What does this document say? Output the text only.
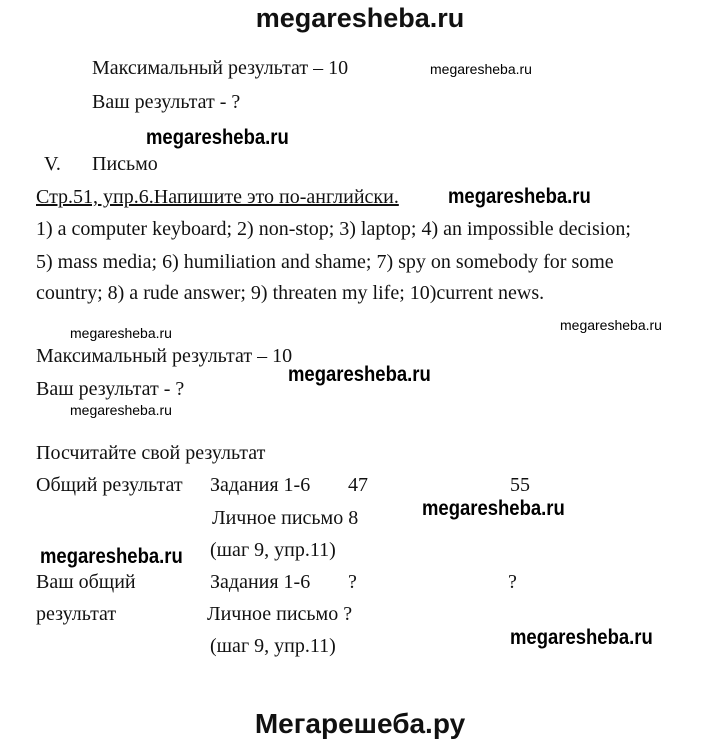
megaresheba.ru
Максимальный результат – 10	megaresheba.ru
Ваш результат - ?
megaresheba.ru
V. Письмо
Стр.51, упр.6.Напишите это по-английски. megaresheba.ru
1) a computer keyboard; 2) non-stop; 3) laptop; 4) an impossible decision;
5) mass media; 6) humiliation and shame; 7) spy on somebody for some
country; 8) a rude answer; 9) threaten my life; 10)current news.
megaresheba.ru
megaresheba.ru
Максимальный результат – 10
megaresheba.ru
Ваш результат - ?
megaresheba.ru
Посчитайте свой результат
Общий результат Задания 1-6 47	55
megaresheba.ru
Личное письмо 8
megaresheba.ru (шаг 9, упр.11)
Ваш общий	Задания 1-6 ?	?
результат	Личное письмо ?
megaresheba.ru
(шаг 9, упр.11)
Мегарешеба.ру
